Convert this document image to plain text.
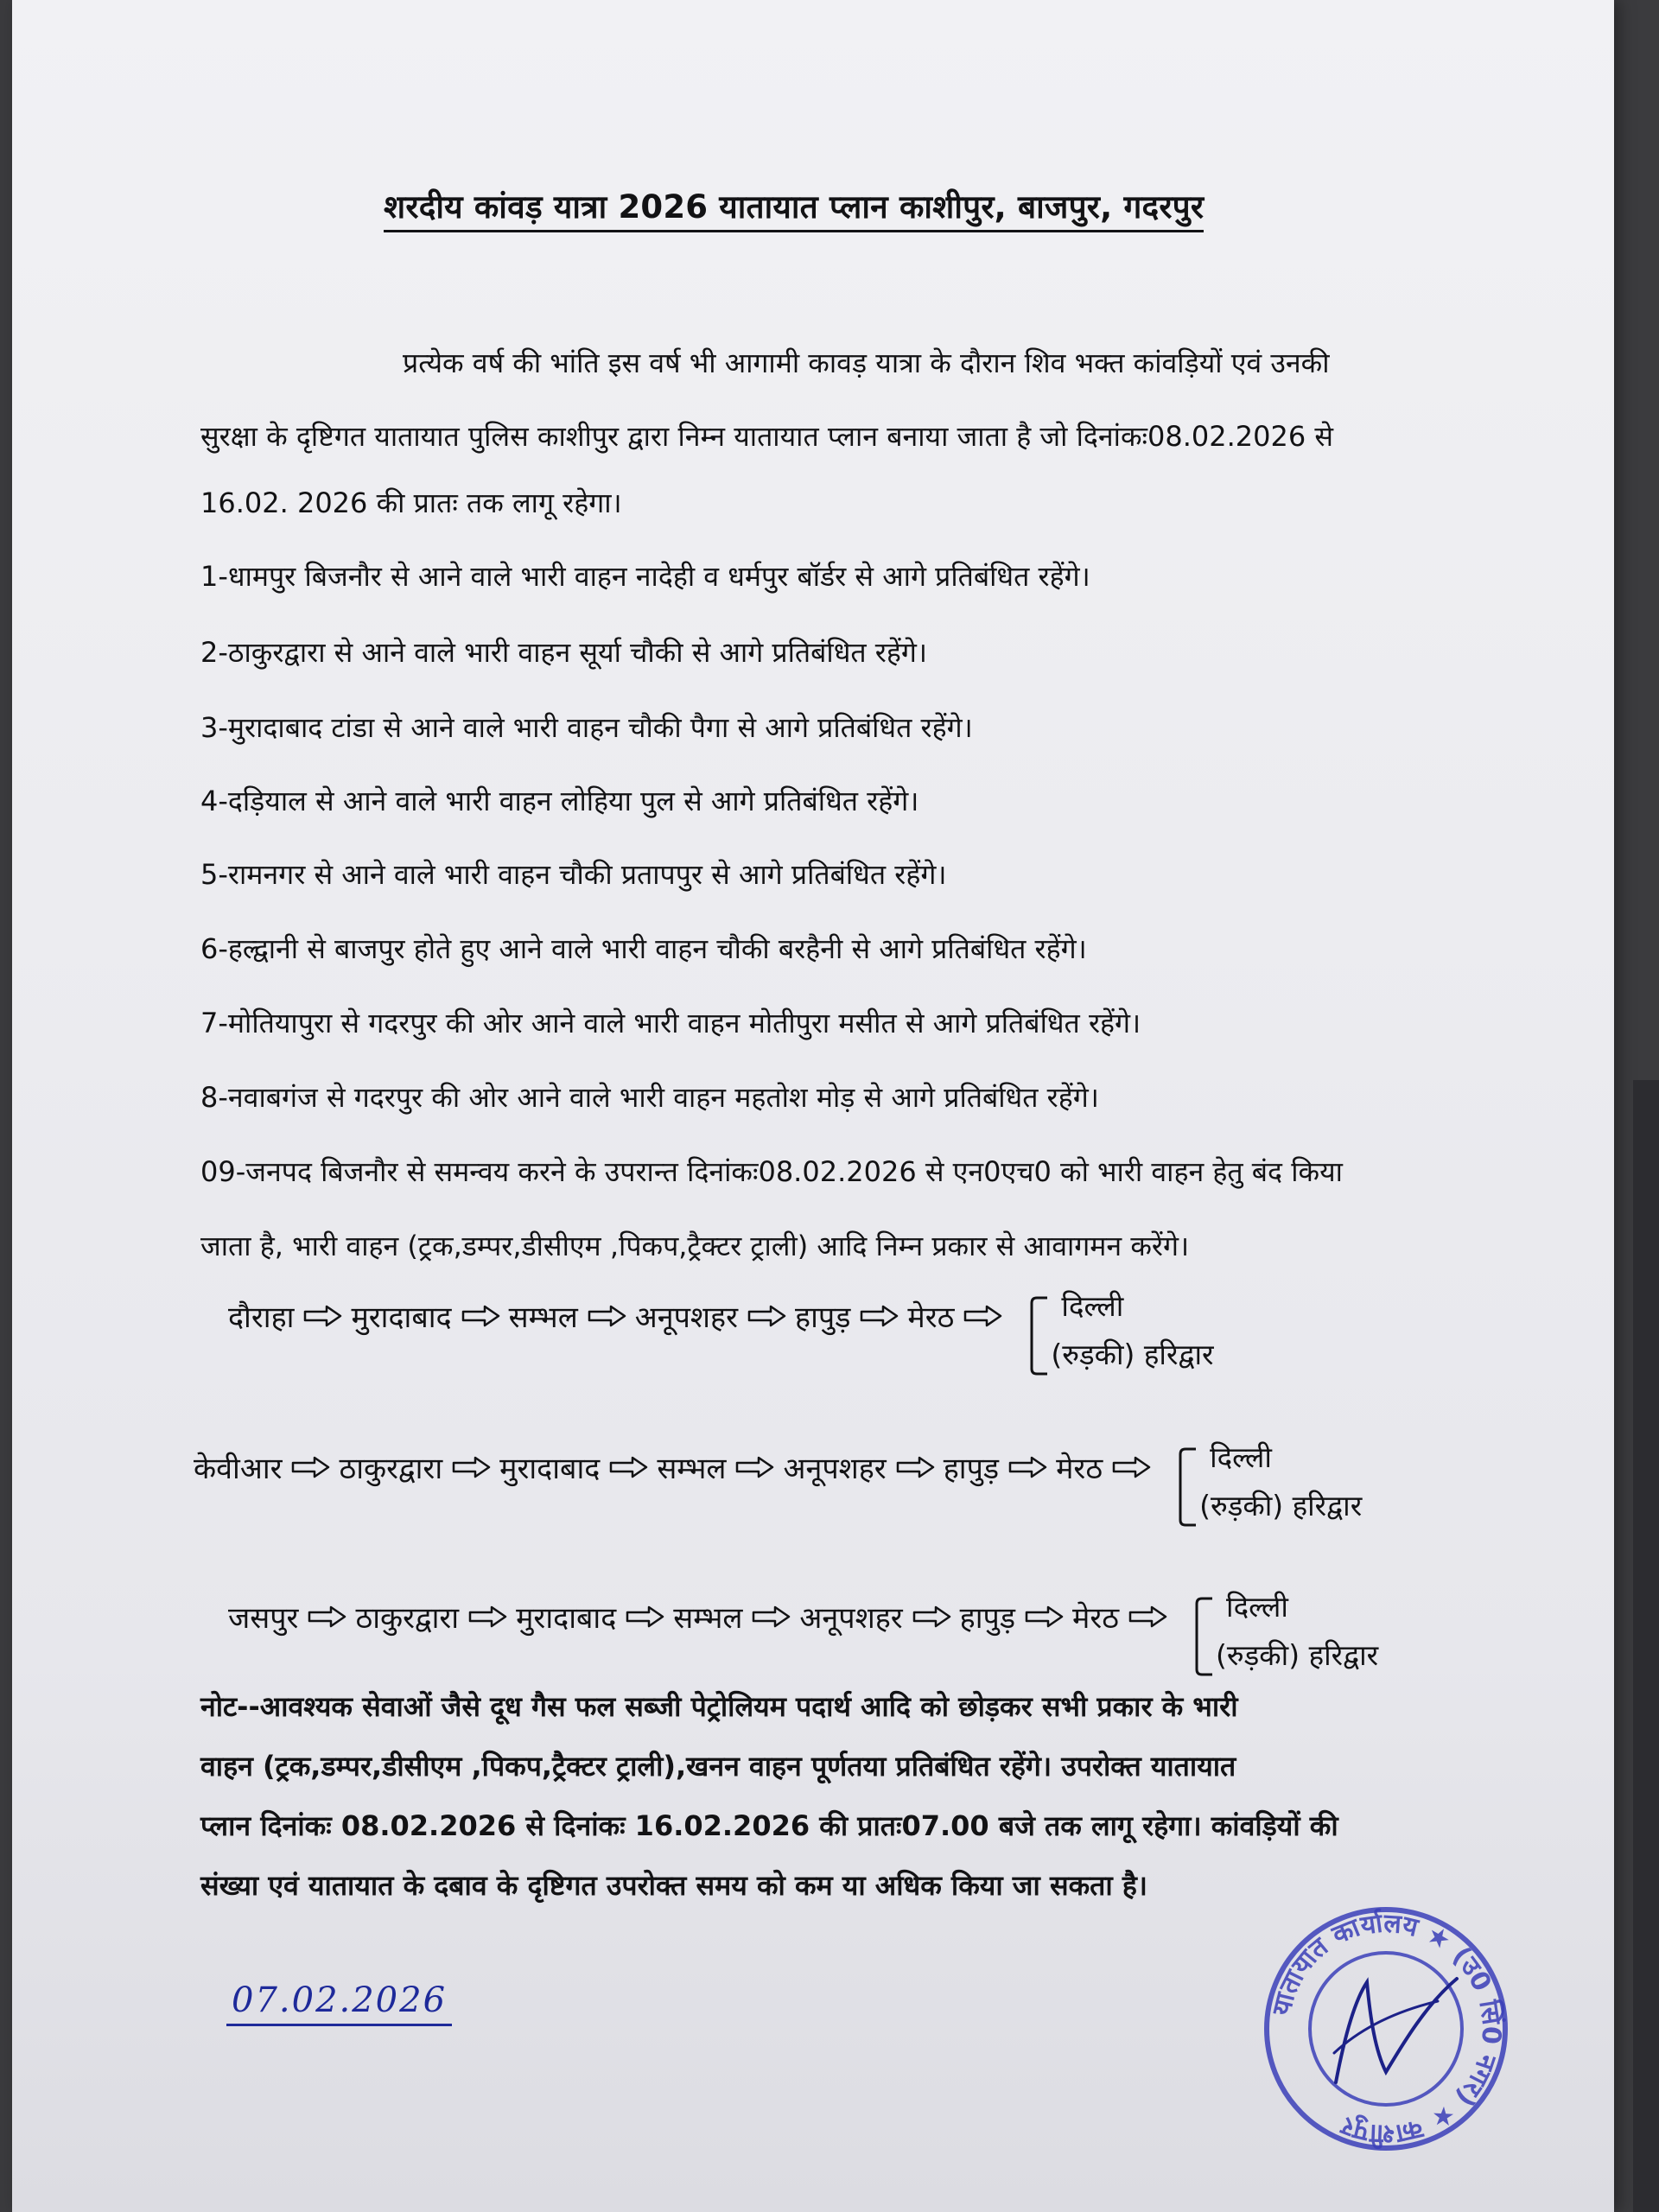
शरदीय कांवड़ यात्रा 2026 यातायात प्लान काशीपुर, बाजपुर, गदरपुर
प्रत्येक वर्ष की भांति इस वर्ष भी आगामी कावड़ यात्रा के दौरान शिव भक्त कांवड़ियों एवं उनकी
सुरक्षा के दृष्टिगत यातायात पुलिस काशीपुर द्वारा निम्न यातायात प्लान बनाया जाता है जो दिनांकः08.02.2026 से
16.02. 2026 की प्रातः तक लागू रहेगा।
1-धामपुर बिजनौर से आने वाले भारी वाहन नादेही व धर्मपुर बॉर्डर से आगे प्रतिबंधित रहेंगे।
2-ठाकुरद्वारा से आने वाले भारी वाहन सूर्या चौकी से आगे प्रतिबंधित रहेंगे।
3-मुरादाबाद टांडा से आने वाले भारी वाहन चौकी पैगा से आगे प्रतिबंधित रहेंगे।
4-दड़ियाल से आने वाले भारी वाहन लोहिया पुल से आगे प्रतिबंधित रहेंगे।
5-रामनगर से आने वाले भारी वाहन चौकी प्रतापपुर से आगे प्रतिबंधित रहेंगे।
6-हल्द्वानी से बाजपुर होते हुए आने वाले भारी वाहन चौकी बरहैनी से आगे प्रतिबंधित रहेंगे।
7-मोतियापुरा से गदरपुर की ओर आने वाले भारी वाहन मोतीपुरा मसीत से आगे प्रतिबंधित रहेंगे।
8-नवाबगंज से गदरपुर की ओर आने वाले भारी वाहन महतोश मोड़ से आगे प्रतिबंधित रहेंगे।
09-जनपद बिजनौर से समन्वय करने के उपरान्त दिनांकः08.02.2026 से एन0एच0 को भारी वाहन हेतु बंद किया
जाता है, भारी वाहन (ट्रक,डम्पर,डीसीएम ,पिकप,ट्रैक्टर ट्राली) आदि निम्न प्रकार से आवागमन करेंगे।
दौराहा मुरादाबाद सम्भल अनूपशहर हापुड़ मेरठ	दिल्ली
(रुड़की) हरिद्वार
केवीआर ठाकुरद्वारा मुरादाबाद सम्भल अनूपशहर हापुड़ मेरठ	दिल्ली
(रुड़की) हरिद्वार
जसपुर ठाकुरद्वारा मुरादाबाद सम्भल अनूपशहर हापुड़ मेरठ	दिल्ली
(रुड़की) हरिद्वार
नोट--आवश्यक सेवाओं जैसे दूध गैस फल सब्जी पेट्रोलियम पदार्थ आदि को छोड़कर सभी प्रकार के भारी
वाहन (ट्रक,डम्पर,डीसीएम ,पिकप,ट्रैक्टर ट्राली),खनन वाहन पूर्णतया प्रतिबंधित रहेंगे। उपरोक्त यातायात
प्लान दिनांकः 08.02.2026 से दिनांकः 16.02.2026 की प्रातः07.00 बजे तक लागू रहेगा। कांवड़ियों की
संख्या एवं यातायात के दबाव के दृष्टिगत उपरोक्त समय को कम या अधिक किया जा सकता है।
07.02.2026	यातायात कार्यालय ★ (उ0 सिं0 नगर) ★ काशीपुर
